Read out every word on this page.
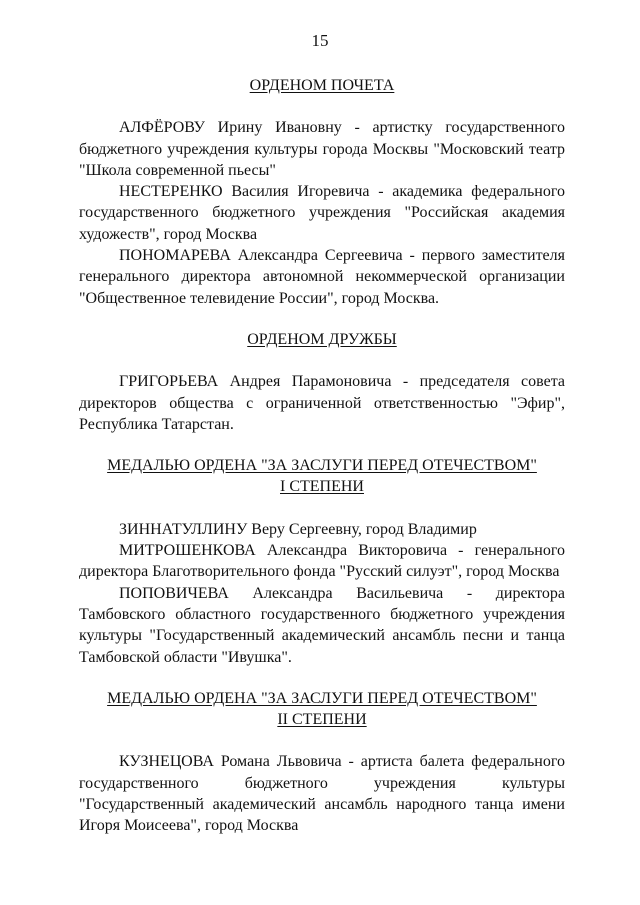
15

ОРДЕНОМ ПОЧЕТА

АЛФЁРОВУ Ирину Ивановну - артистку государственного бюджетного учреждения культуры города Москвы "Московский театр "Школа современной пьесы"

НЕСТЕРЕНКО Василия Игоревича - академика федерального государственного бюджетного учреждения "Российская академия художеств", город Москва

ПОНОМАРЕВА Александра Сергеевича - первого заместителя генерального директора автономной некоммерческой организации "Общественное телевидение России", город Москва.

ОРДЕНОМ ДРУЖБЫ

ГРИГОРЬЕВА Андрея Парамоновича - председателя совета директоров общества с ограниченной ответственностью "Эфир", Республика Татарстан.

МЕДАЛЬЮ ОРДЕНА "ЗА ЗАСЛУГИ ПЕРЕД ОТЕЧЕСТВОМ"
I СТЕПЕНИ

ЗИННАТУЛЛИНУ Веру Сергеевну, город Владимир

МИТРОШЕНКОВА Александра Викторовича - генерального директора Благотворительного фонда "Русский силуэт", город Москва

ПОПОВИЧЕВА Александра Васильевича - директора Тамбовского областного государственного бюджетного учреждения культуры "Государственный академический ансамбль песни и танца Тамбовской области "Ивушка".

МЕДАЛЬЮ ОРДЕНА "ЗА ЗАСЛУГИ ПЕРЕД ОТЕЧЕСТВОМ"
II СТЕПЕНИ

КУЗНЕЦОВА Романа Львовича - артиста балета федерального государственного бюджетного учреждения культуры "Государственный академический ансамбль народного танца имени Игоря Моисеева", город Москва
